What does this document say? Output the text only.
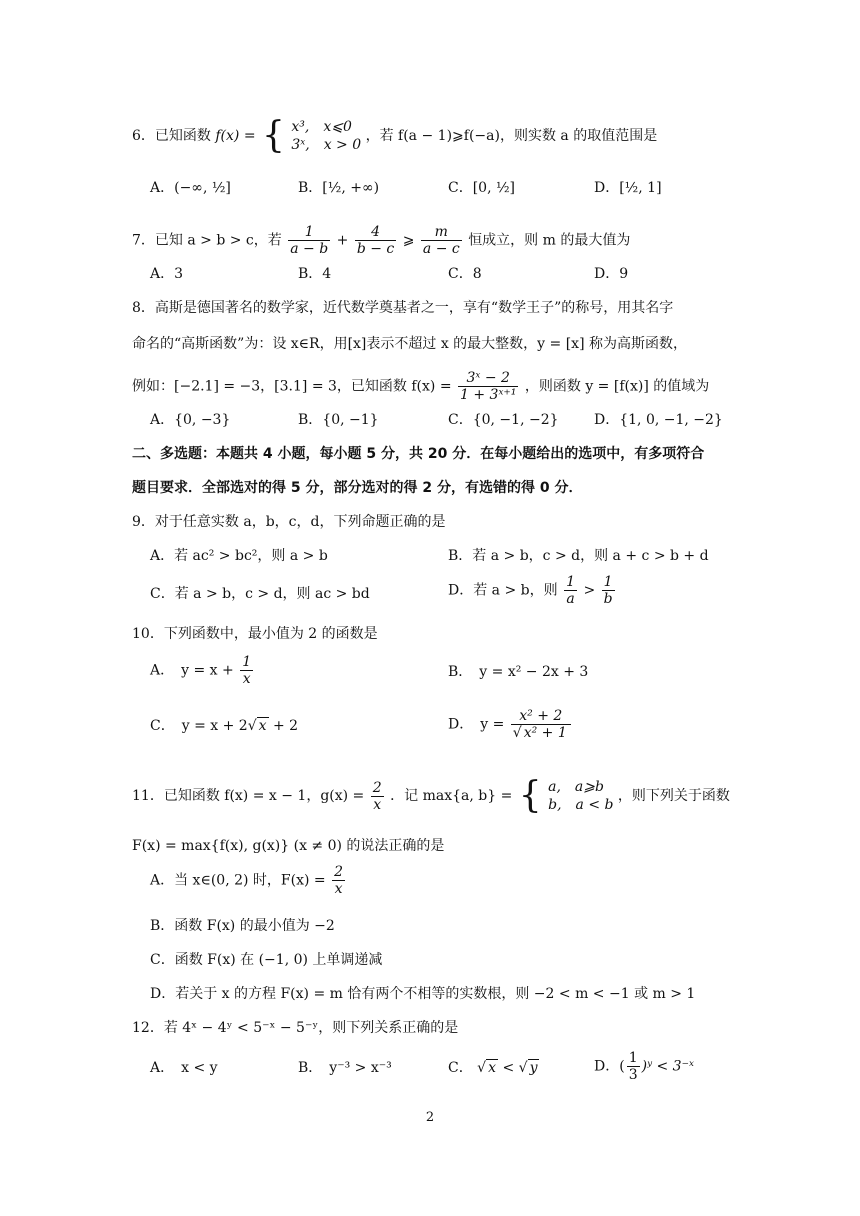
6．已知函数 f(x) = { x³,　x⩽0
3ˣ,　x > 0
，若 f(a − 1)⩾f(−a)，则实数 a 的取值范围是
A．(−∞, ½]	B．[½, +∞)	C．[0, ½]	D．[½, 1]
7．已知 a > b > c，若 $\frac{1}{a - b} + \frac{4}{b - c}$ ⩾ $\frac{m}{a - c}$ 恒成立，则 m 的最大值为
A．3	B．4	C．8	D．9
8．高斯是德国著名的数学家，近代数学奠基者之一，享有“数学王子”的称号，用其名字
命名的“高斯函数”为：设 x∈R，用[x]表示不超过 x 的最大整数，y = [x] 称为高斯函数，
例如：[−2.1] = −3，[3.1] = 3，已知函数 $f(x) = \frac{\text{3ˣ − 2}}{\text{1 + 3ˣ⁺¹}}$ ，则函数 y = [f(x)] 的值域为
A．{0, −3}	B．{0, −1}	C．{0, −1, −2}	D．{1, 0, −1, −2}
二、多选题：本题共 4 小题，每小题 5 分，共 20 分．在每小题给出的选项中，有多项符合
题目要求．全部选对的得 5 分，部分选对的得 2 分，有选错的得 0 分．
9．对于任意实数 a，b，c，d，下列命题正确的是
A．若 ac² > bc²，则 a > b	B．若 a > b，c > d，则 a + c > b + d
C．若 a > b，c > d，则 ac > bd	D．若 a > b，则 $\frac{1}{a} > \frac{1}{b}$
10．下列函数中，最小值为 2 的函数是
A．　$y = x + \frac{1}{x}$	B．　y = x² − 2x + 3
C．　y = x + 2√ x + 2	D．　$y = \frac{\text{x² + 2}}{\text{√ x² + 1}}$
11．已知函数 f(x) = x − 1，$g(x) = \frac{2}{x}$ ．记 max{a, b} = { a,　a⩾b
b,　a < b
，则下列关于函数
F(x) = max{f(x), g(x)} (x ≠ 0) 的说法正确的是
A．当 x∈(0, 2) 时，$F(x) = \frac{2}{x}$
B．函数 F(x) 的最小值为 −2
C．函数 F(x) 在 (−1, 0) 上单调递减
D．若关于 x 的方程 F(x) = m 恰有两个不相等的实数根，则 −2 < m < −1 或 m > 1
12．若 4ˣ − 4ʸ < 5⁻ˣ − 5⁻ʸ，则下列关系正确的是
A．　x < y	B．　y⁻³ > x⁻³	C． √ x < √ y	D．( $\frac{1}{3}$ )ʸ < 3⁻ˣ
2
